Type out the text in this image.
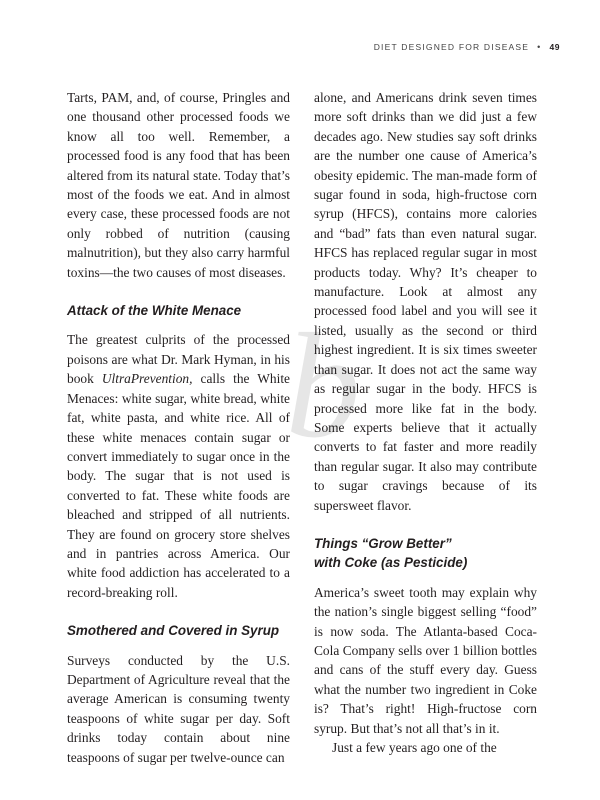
DIET DESIGNED FOR DISEASE • 49
b

Tarts, PAM, and, of course, Pringles and one thousand other processed foods we know all too well. Remember, a processed food is any food that has been altered from its natural state. Today that’s most of the foods we eat. And in almost every case, these processed foods are not only robbed of nutrition (causing malnutrition), but they also carry harmful toxins—the two causes of most diseases.

Attack of the White Menace

The greatest culprits of the processed poisons are what Dr. Mark Hyman, in his book UltraPrevention, calls the White Menaces: white sugar, white bread, white fat, white pasta, and white rice. All of these white menaces contain sugar or convert immediately to sugar once in the body. The sugar that is not used is converted to fat. These white foods are bleached and stripped of all nutrients. They are found on grocery store shelves and in pantries across America. Our white food addiction has accelerated to a record-breaking roll.

Smothered and Covered in Syrup

Surveys conducted by the U.S. Department of Agriculture reveal that the average American is consuming twenty teaspoons of white sugar per day. Soft drinks today contain about nine teaspoons of sugar per twelve-ounce can

alone, and Americans drink seven times more soft drinks than we did just a few decades ago. New studies say soft drinks are the number one cause of America’s obesity epidemic. The man-made form of sugar found in soda, high-fructose corn syrup (HFCS), contains more calories and “bad” fats than even natural sugar. HFCS has replaced regular sugar in most products today. Why? It’s cheaper to manufacture. Look at almost any processed food label and you will see it listed, usually as the second or third highest ingredient. It is six times sweeter than sugar. It does not act the same way as regular sugar in the body. HFCS is processed more like fat in the body. Some experts believe that it actually converts to fat faster and more readily than regular sugar. It also may contribute to sugar cravings because of its supersweet flavor.

Things “Grow Better”
with Coke (as Pesticide)

America’s sweet tooth may explain why the nation’s single biggest selling “food” is now soda. The Atlanta-based Coca-Cola Company sells over 1 billion bottles and cans of the stuff every day. Guess what the number two ingredient in Coke is? That’s right! High-fructose corn syrup. But that’s not all that’s in it.

Just a few years ago one of the
